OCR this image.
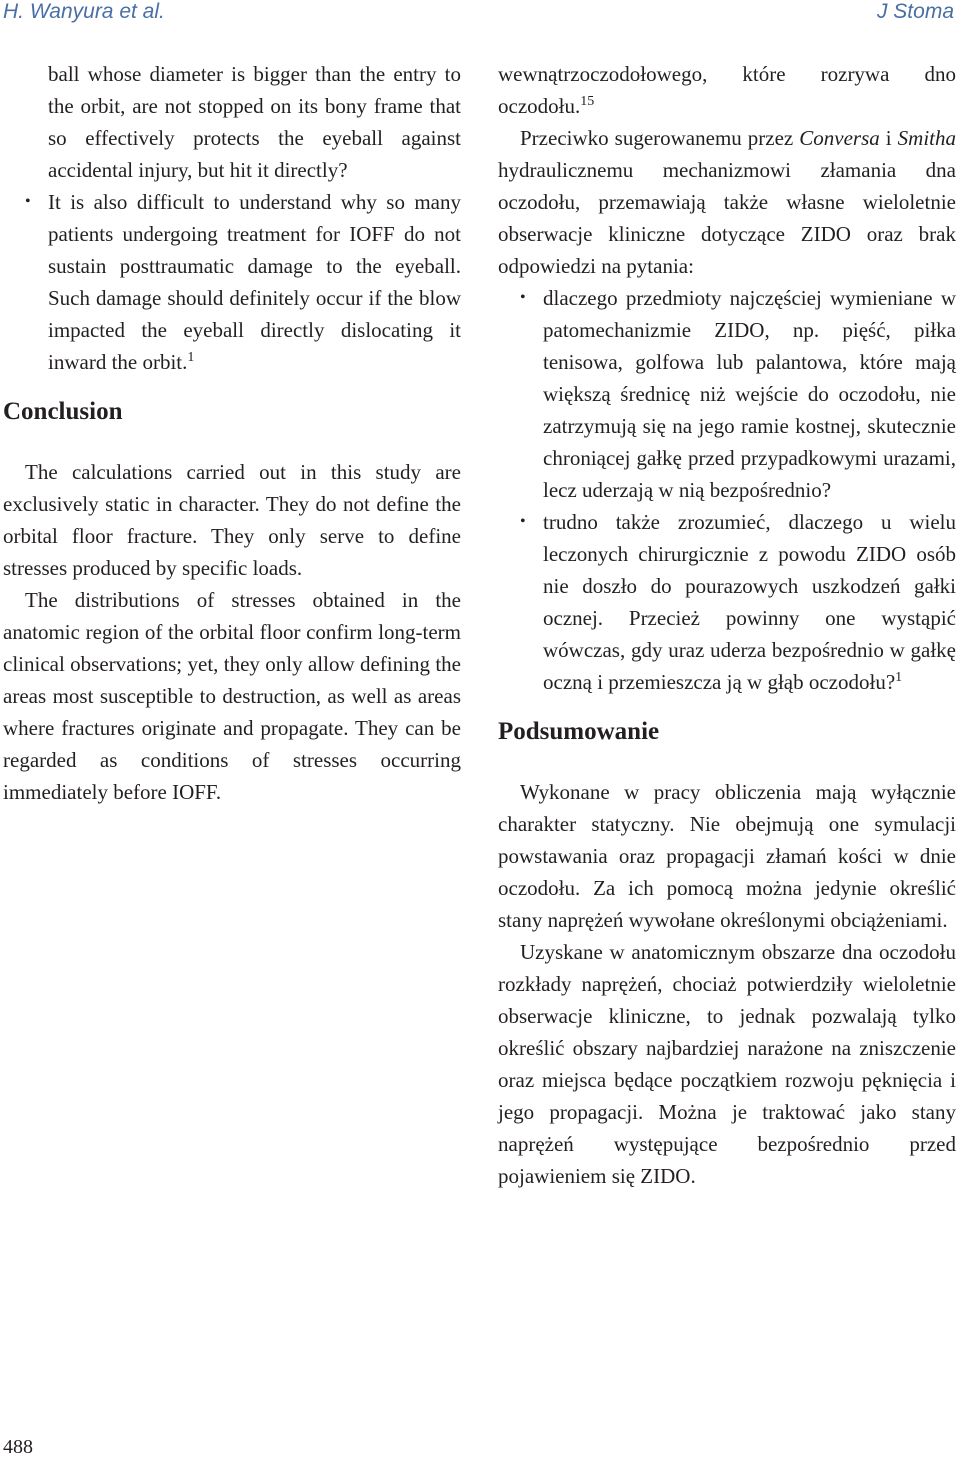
H. Wanyura et al.	J Stoma

ball whose diameter is bigger than the entry to the orbit, are not stopped on its bony frame that so effectively protects the eyeball against accidental injury, but hit it directly?

• It is also difficult to understand why so many patients undergoing treatment for IOFF do not sustain posttraumatic damage to the eyeball. Such damage should definitely occur if the blow impacted the eyeball directly dislocating it inward the orbit.$^1$
Conclusion

The calculations carried out in this study are exclusively static in character. They do not define the orbital floor fracture. They only serve to define stresses produced by specific loads.

The distributions of stresses obtained in the anatomic region of the orbital floor confirm long-term clinical observations; yet, they only allow defining the areas most susceptible to destruction, as well as areas where fractures originate and propagate. They can be regarded as conditions of stresses occurring immediately before IOFF.

wewnątrzoczodołowego, które rozrywa dno oczodołu.$^{15}$

Przeciwko sugerowanemu przez Conversa i Smitha hydraulicznemu mechanizmowi złamania dna oczodołu, przemawiają także własne wieloletnie obserwacje kliniczne dotyczące ZIDO oraz brak odpowiedzi na pytania:

• dlaczego przedmioty najczęściej wymieniane w patomechanizmie ZIDO, np. pięść, piłka tenisowa, golfowa lub palantowa, które mają większą średnicę niż wejście do oczodołu, nie zatrzymują się na jego ramie kostnej, skutecznie chroniącej gałkę przed przypadkowymi urazami, lecz uderzają w nią bezpośrednio?
• trudno także zrozumieć, dlaczego u wielu leczonych chirurgicznie z powodu ZIDO osób nie doszło do pourazowych uszkodzeń gałki ocznej. Przecież powinny one wystąpić wówczas, gdy uraz uderza bezpośrednio w gałkę oczną i przemieszcza ją w głąb oczodołu?$^1$
Podsumowanie

Wykonane w pracy obliczenia mają wyłącznie charakter statyczny. Nie obejmują one symulacji powstawania oraz propagacji złamań kości w dnie oczodołu. Za ich pomocą można jedynie określić stany naprężeń wywołane określonymi obciążeniami.

Uzyskane w anatomicznym obszarze dna oczodołu rozkłady naprężeń, chociaż potwierdziły wieloletnie obserwacje kliniczne, to jednak pozwalają tylko określić obszary najbardziej narażone na zniszczenie oraz miejsca będące początkiem rozwoju pęknięcia i jego propagacji. Można je traktować jako stany naprężeń występujące bezpośrednio przed pojawieniem się ZIDO.

488
